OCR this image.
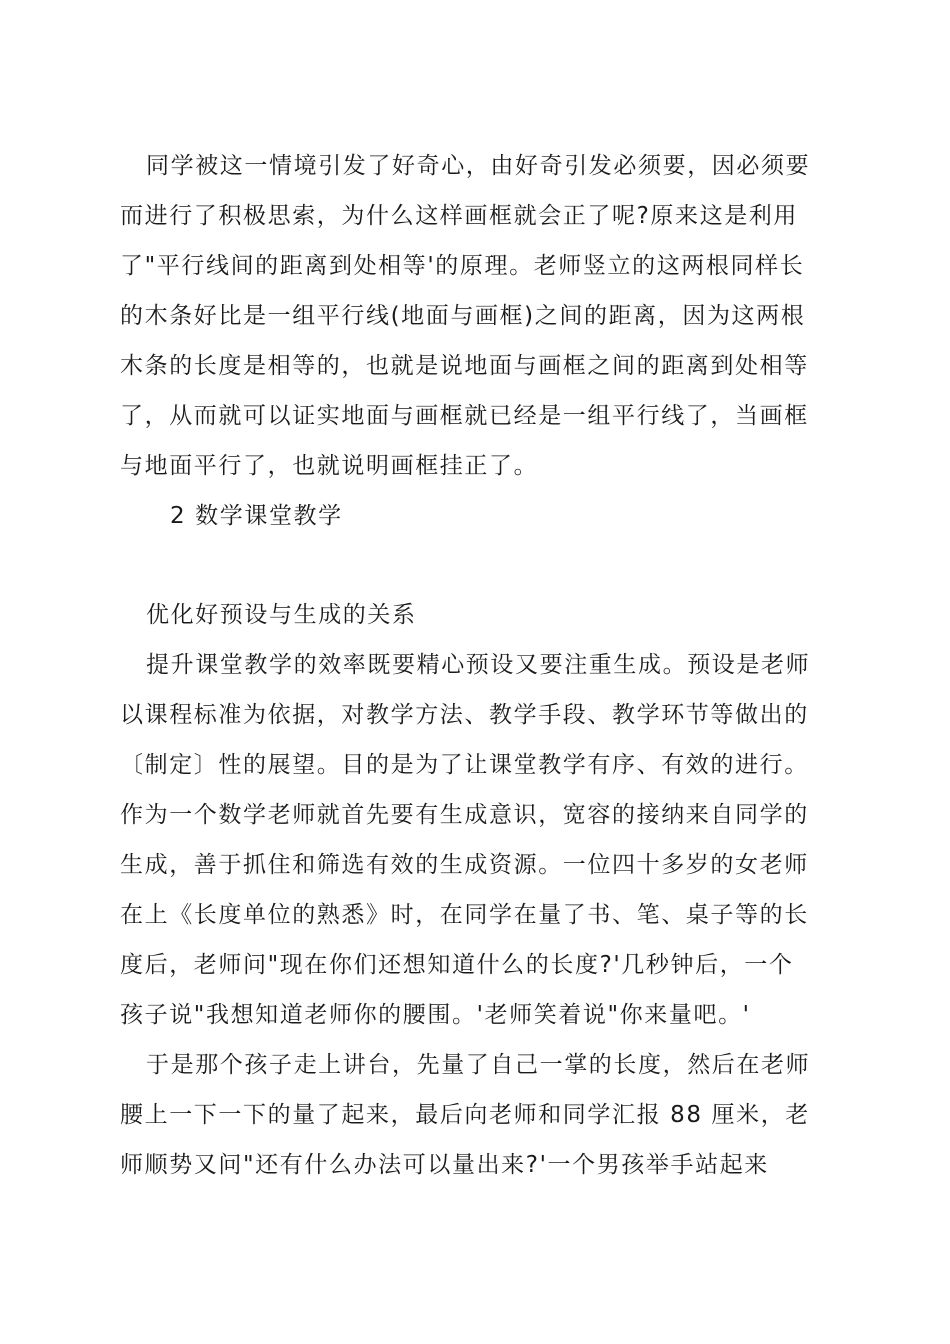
同学被这一情境引发了好奇心，由好奇引发必须要，因必须要
而进行了积极思索，为什么这样画框就会正了呢?原来这是利用
了"平行线间的距离到处相等'的原理。老师竖立的这两根同样长
的木条好比是一组平行线(地面与画框)之间的距离，因为这两根
木条的长度是相等的，也就是说地面与画框之间的距离到处相等
了，从而就可以证实地面与画框就已经是一组平行线了，当画框
与地面平行了，也就说明画框挂正了。
2 数学课堂教学
优化好预设与生成的关系
提升课堂教学的效率既要精心预设又要注重生成。预设是老师
以课程标准为依据，对教学方法、教学手段、教学环节等做出的
〔制定〕性的展望。目的是为了让课堂教学有序、有效的进行。
作为一个数学老师就首先要有生成意识，宽容的接纳来自同学的
生成，善于抓住和筛选有效的生成资源。一位四十多岁的女老师
在上《长度单位的熟悉》时，在同学在量了书、笔、桌子等的长
度后，老师问"现在你们还想知道什么的长度?'几秒钟后，一个
孩子说"我想知道老师你的腰围。'老师笑着说"你来量吧。'
于是那个孩子走上讲台，先量了自己一掌的长度，然后在老师
腰上一下一下的量了起来，最后向老师和同学汇报 88 厘米，老
师顺势又问"还有什么办法可以量出来?'一个男孩举手站起来
